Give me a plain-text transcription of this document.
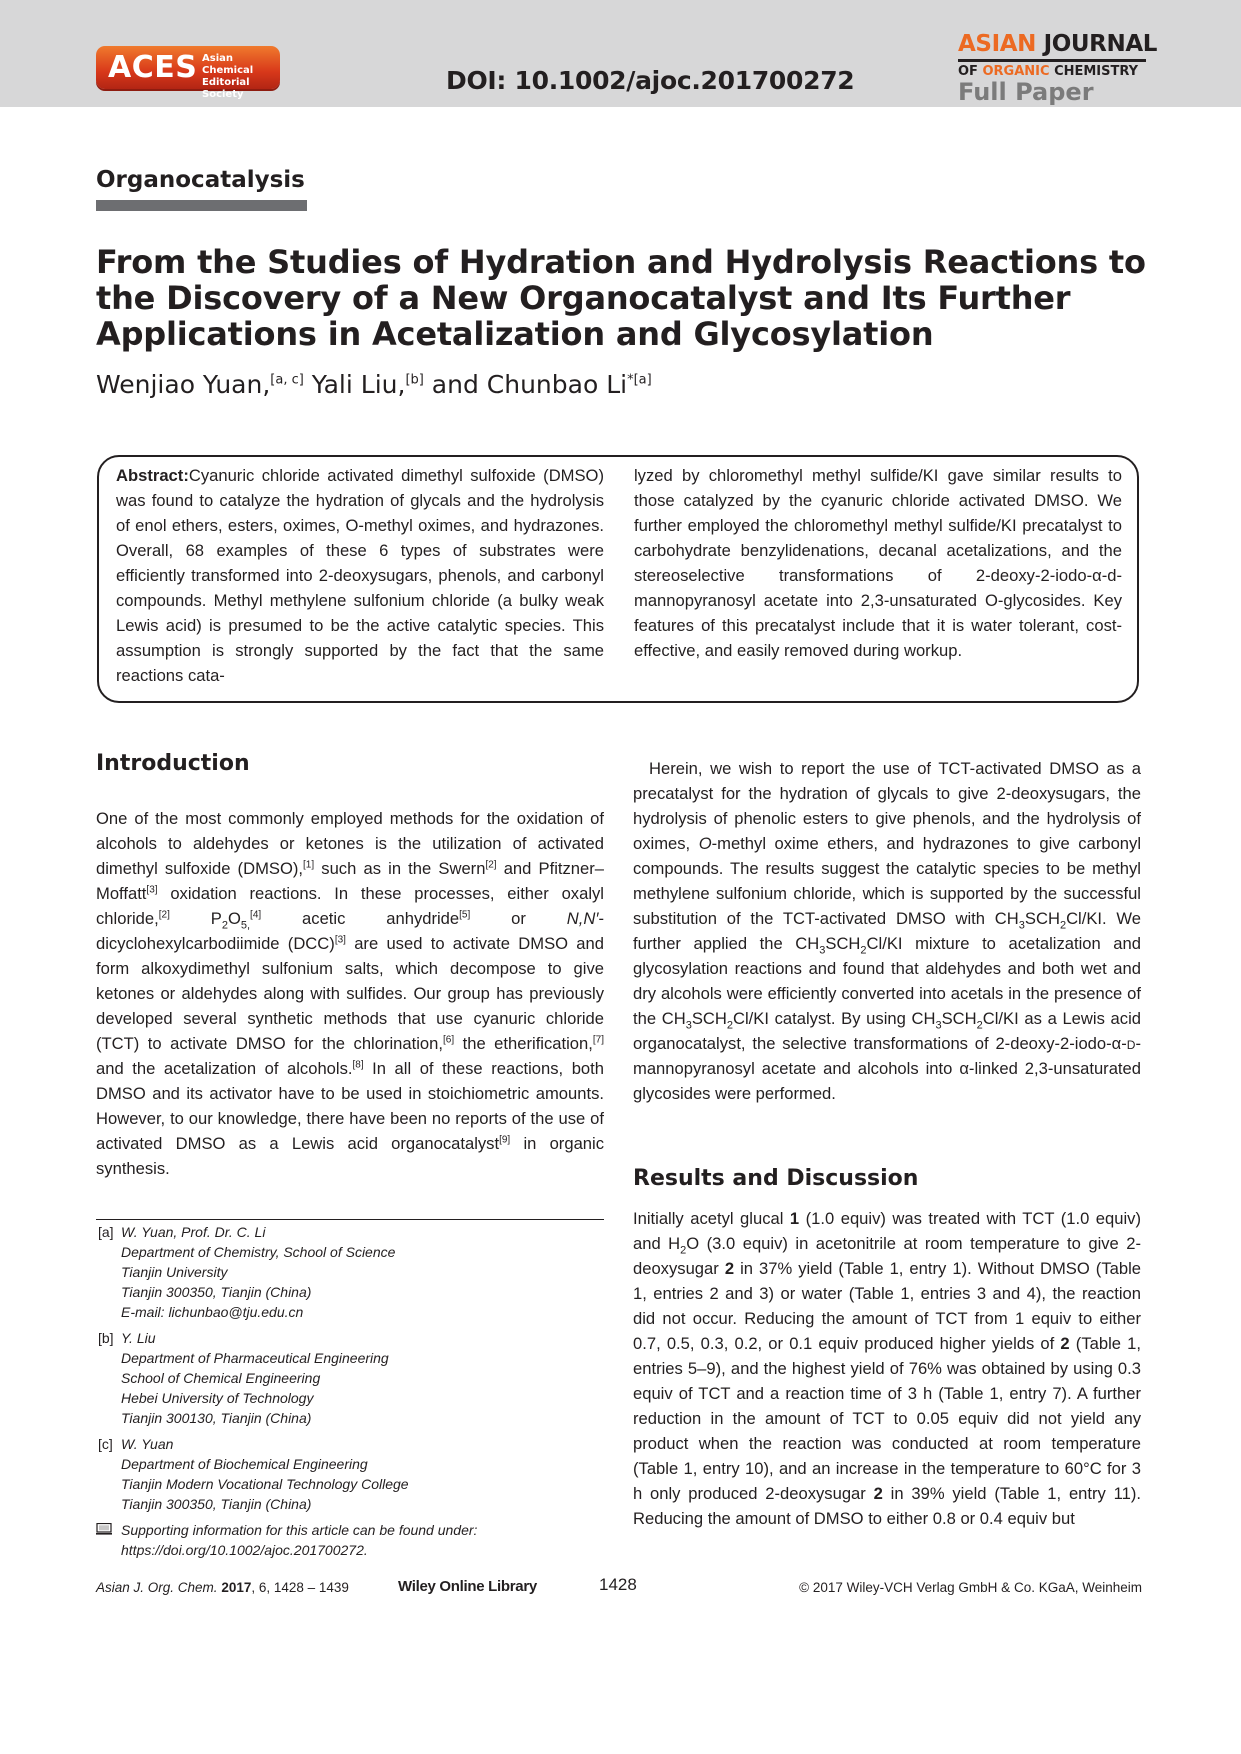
ACES Asian Chemical
Editorial Society	DOI: 10.1002/ajoc.201700272
ASIAN JOURNAL
OF ORGANIC CHEMISTRY
Full Paper
Organocatalysis
From the Studies of Hydration and Hydrolysis Reactions to the Discovery of a New Organocatalyst and Its Further Applications in Acetalization and Glycosylation
Wenjiao Yuan,[a, c] Yali Liu,[b] and Chunbao $Li^{*[a]}$

Abstract:Cyanuric chloride activated dimethyl sulfoxide (DMSO) was found to catalyze the hydration of glycals and the hydrolysis of enol ethers, esters, oximes, O-methyl oximes, and hydrazones. Overall, 68 examples of these 6 types of substrates were efficiently transformed into 2-deoxysugars, phenols, and carbonyl compounds. Methyl methylene sulfonium chloride (a bulky weak Lewis acid) is presumed to be the active catalytic species. This assumption is strongly supported by the fact that the same reactions cata-

lyzed by chloromethyl methyl sulfide/KI gave similar results to those catalyzed by the cyanuric chloride activated DMSO. We further employed the chloromethyl methyl sulfide/KI precatalyst to carbohydrate benzylidenations, decanal acetalizations, and the stereoselective transformations of 2-deoxy-2-iodo-α-d-mannopyranosyl acetate into 2,3-unsaturated O-glycosides. Key features of this precatalyst include that it is water tolerant, cost-effective, and easily removed during workup.

Introduction

One of the most commonly employed methods for the oxidation of alcohols to aldehydes or ketones is the utilization of activated dimethyl sulfoxide (DMSO),[1] such as in the Swern[2] and Pfitzner–Moffatt[3] oxidation reactions. In these processes, either oxalyl chloride,[2] $P_2O_{5,}[4]$ acetic anhydride[5] or N,N′-dicyclohexylcarbodiimide (DCC)[3] are used to activate DMSO and form alkoxydimethyl sulfonium salts, which decompose to give ketones or aldehydes along with sulfides. Our group has previously developed several synthetic methods that use cyanuric chloride (TCT) to activate DMSO for the chlorination,[6] the etherification,[7] and the acetalization of alcohols.[8] In all of these reactions, both DMSO and its activator have to be used in stoichiometric amounts. However, to our knowledge, there have been no reports of the use of activated DMSO as a Lewis acid organocatalyst[9] in organic synthesis.

Herein, we wish to report the use of TCT-activated DMSO as a precatalyst for the hydration of glycals to give 2-deoxysugars, the hydrolysis of phenolic esters to give phenols, and the hydrolysis of oximes, O-methyl oxime ethers, and hydrazones to give carbonyl compounds. The results suggest the catalytic species to be methyl methylene sulfonium chloride, which is supported by the successful substitution of the TCT-activated DMSO with $CH_3SCH_2Cl/KI$. We further applied the $CH_3SCH_2Cl/KI$ mixture to acetalization and glycosylation reactions and found that aldehydes and both wet and dry alcohols were efficiently converted into acetals in the presence of the $CH_3SCH_2Cl/KI$ catalyst. By using $CH_3SCH_2Cl/KI$ as a Lewis acid organocatalyst, the selective transformations of 2-deoxy-2-iodo-α-d-mannopyranosyl acetate and alcohols into α-linked 2,3-unsaturated glycosides were performed.

Results and Discussion

Initially acetyl glucal 1 (1.0 equiv) was treated with TCT (1.0 equiv) and $H_2O$ (3.0 equiv) in acetonitrile at room temperature to give 2-deoxysugar 2 in 37% yield (Table 1, entry 1). Without DMSO (Table 1, entries 2 and 3) or water (Table 1, entries 3 and 4), the reaction did not occur. Reducing the amount of TCT from 1 equiv to either 0.7, 0.5, 0.3, 0.2, or 0.1 equiv produced higher yields of 2 (Table 1, entries 5–9), and the highest yield of 76% was obtained by using 0.3 equiv of TCT and a reaction time of 3 h (Table 1, entry 7). A further reduction in the amount of TCT to 0.05 equiv did not yield any product when the reaction was conducted at room temperature (Table 1, entry 10), and an increase in the temperature to 60°C for 3 h only produced 2-deoxysugar 2 in 39% yield (Table 1, entry 11). Reducing the amount of DMSO to either 0.8 or 0.4 equiv but

[a] W. Yuan, Prof. Dr. C. Li
Department of Chemistry, School of Science
Tianjin University
Tianjin 300350, Tianjin (China)
E-mail: lichunbao@tju.edu.cn
[b] Y. Liu
Department of Pharmaceutical Engineering
School of Chemical Engineering
Hebei University of Technology
Tianjin 300130, Tianjin (China)
[c] W. Yuan
Department of Biochemical Engineering
Tianjin Modern Vocational Technology College
Tianjin 300350, Tianjin (China)
Supporting information for this article can be found under:
https://doi.org/10.1002/ajoc.201700272.
Asian J. Org. Chem. 2017, 6, 1428 – 1439	Wiley Online Library	1428	© 2017 Wiley-VCH Verlag GmbH & Co. KGaA, Weinheim
